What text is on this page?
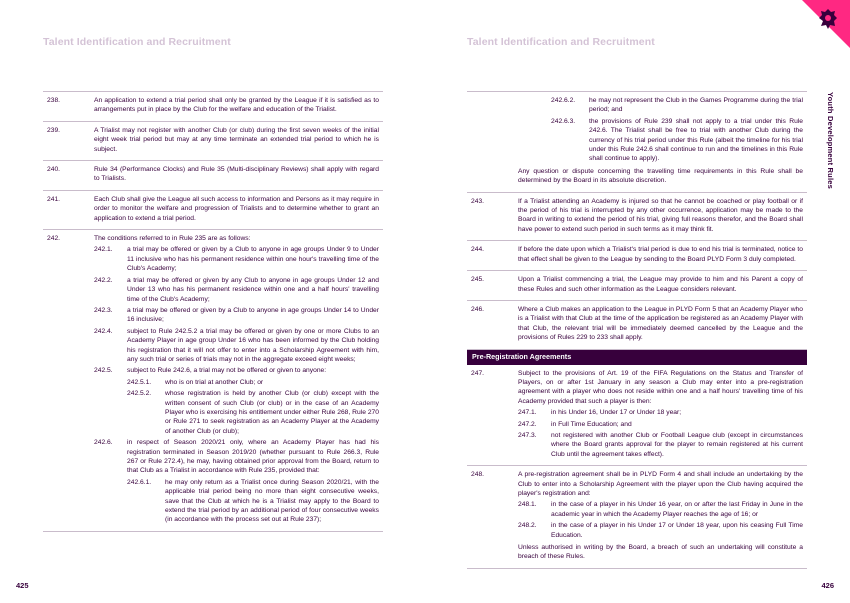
Talent Identification and Recruitment	Talent Identification and Recruitment
Youth Development Rules
425	426
238.	An application to extend a trial period shall only be granted by the League if it is satisfied as to arrangements put in place by the Club for the welfare and education of the Trialist.
239.	A Trialist may not register with another Club (or club) during the first seven weeks of the initial eight week trial period but may at any time terminate an extended trial period to which he is subject.
240.	Rule 34 (Performance Clocks) and Rule 35 (Multi-disciplinary Reviews) shall apply with regard to Trialists.
241.	Each Club shall give the League all such access to information and Persons as it may require in order to monitor the welfare and progression of Trialists and to determine whether to grant an application to extend a trial period.
242.	The conditions referred to in Rule 235 are as follows:
242.1.	a trial may be offered or given by a Club to anyone in age groups Under 9 to Under 11 inclusive who has his permanent residence within one hour's travelling time of the Club's Academy;
242.2.	a trial may be offered or given by any Club to anyone in age groups Under 12 and Under 13 who has his permanent residence within one and a half hours' travelling time of the Club's Academy;
242.3.	a trial may be offered or given by a Club to anyone in age groups Under 14 to Under 16 inclusive;
242.4.	subject to Rule 242.5.2 a trial may be offered or given by one or more Clubs to an Academy Player in age group Under 16 who has been informed by the Club holding his registration that it will not offer to enter into a Scholarship Agreement with him, any such trial or series of trials may not in the aggregate exceed eight weeks;
242.5.	subject to Rule 242.6, a trial may not be offered or given to anyone:
242.5.1.	who is on trial at another Club; or
242.5.2.	whose registration is held by another Club (or club) except with the written consent of such Club (or club) or in the case of an Academy Player who is exercising his entitlement under either Rule 268, Rule 270 or Rule 271 to seek registration as an Academy Player at the Academy of another Club (or club);
242.6.	in respect of Season 2020/21 only, where an Academy Player has had his registration terminated in Season 2019/20 (whether pursuant to Rule 266.3, Rule 267 or Rule 272.4), he may, having obtained prior approval from the Board, return to that Club as a Trialist in accordance with Rule 235, provided that:
242.6.1.	he may only return as a Trialist once during Season 2020/21, with the applicable trial period being no more than eight consecutive weeks, save that the Club at which he is a Trialist may apply to the Board to extend the trial period by an additional period of four consecutive weeks (in accordance with the process set out at Rule 237);
242.6.2.	he may not represent the Club in the Games Programme during the trial period; and
242.6.3.	the provisions of Rule 239 shall not apply to a trial under this Rule 242.6. The Trialist shall be free to trial with another Club during the currency of his trial period under this Rule (albeit the timeline for his trial under this Rule 242.6 shall continue to run and the timelines in this Rule shall continue to apply).
Any question or dispute concerning the travelling time requirements in this Rule shall be determined by the Board in its absolute discretion.
243.	If a Trialist attending an Academy is injured so that he cannot be coached or play football or if the period of his trial is interrupted by any other occurrence, application may be made to the Board in writing to extend the period of his trial, giving full reasons therefor, and the Board shall have power to extend such period in such terms as it may think fit.
244.	If before the date upon which a Trialist's trial period is due to end his trial is terminated, notice to that effect shall be given to the League by sending to the Board PLYD Form 3 duly completed.
245.	Upon a Trialist commencing a trial, the League may provide to him and his Parent a copy of these Rules and such other information as the League considers relevant.
246.	Where a Club makes an application to the League in PLYD Form 5 that an Academy Player who is a Trialist with that Club at the time of the application be registered as an Academy Player with that Club, the relevant trial will be immediately deemed cancelled by the League and the provisions of Rules 229 to 233 shall apply.
Pre-Registration Agreements
247.	Subject to the provisions of Art. 19 of the FIFA Regulations on the Status and Transfer of Players, on or after 1st January in any season a Club may enter into a pre-registration agreement with a player who does not reside within one and a half hours' travelling time of his Academy provided that such a player is then:
247.1.	in his Under 16, Under 17 or Under 18 year;
247.2.	in Full Time Education; and
247.3.	not registered with another Club or Football League club (except in circumstances where the Board grants approval for the player to remain registered at his current Club until the agreement takes effect).
248.	A pre-registration agreement shall be in PLYD Form 4 and shall include an undertaking by the Club to enter into a Scholarship Agreement with the player upon the Club having acquired the player's registration and:
248.1.	in the case of a player in his Under 16 year, on or after the last Friday in June in the academic year in which the Academy Player reaches the age of 16; or
248.2.	in the case of a player in his Under 17 or Under 18 year, upon his ceasing Full Time Education.
Unless authorised in writing by the Board, a breach of such an undertaking will constitute a breach of these Rules.
